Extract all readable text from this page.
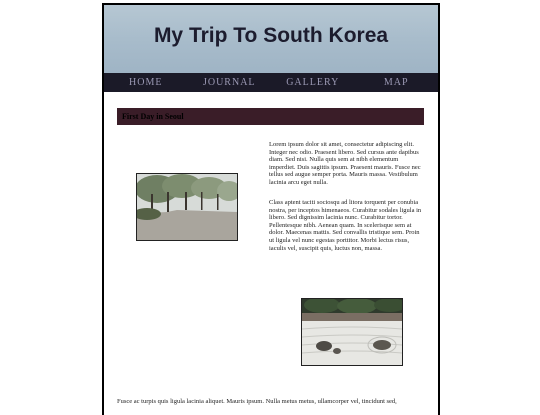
My Trip To South Korea
HOME	JOURNAL	GALLERY	MAP
First Day in Seoul
Lorem ipsum dolor sit amet, consectetur adipiscing elit. Integer nec odio. Praesent libero. Sed cursus ante dapibus diam. Sed nisi. Nulla quis sem at nibh elementum imperdiet. Duis sagittis ipsum. Praesent mauris. Fusce nec tellus sed augue semper porta. Mauris massa. Vestibulum lacinia arcu eget nulla.
Class aptent taciti sociosqu ad litora torquent per conubia nostra, per inceptos himenaeos. Curabitur sodales ligula in libero. Sed dignissim lacinia nunc. Curabitur tortor. Pellentesque nibh. Aenean quam. In scelerisque sem at dolor. Maecenas mattis. Sed convallis tristique sem. Proin ut ligula vel nunc egestas porttitor. Morbi lectus risus, iaculis vel, suscipit quis, luctus non, massa.
Fusce ac turpis quis ligula lacinia aliquet. Mauris ipsum. Nulla metus metus, ullamcorper vel, tincidunt sed,
